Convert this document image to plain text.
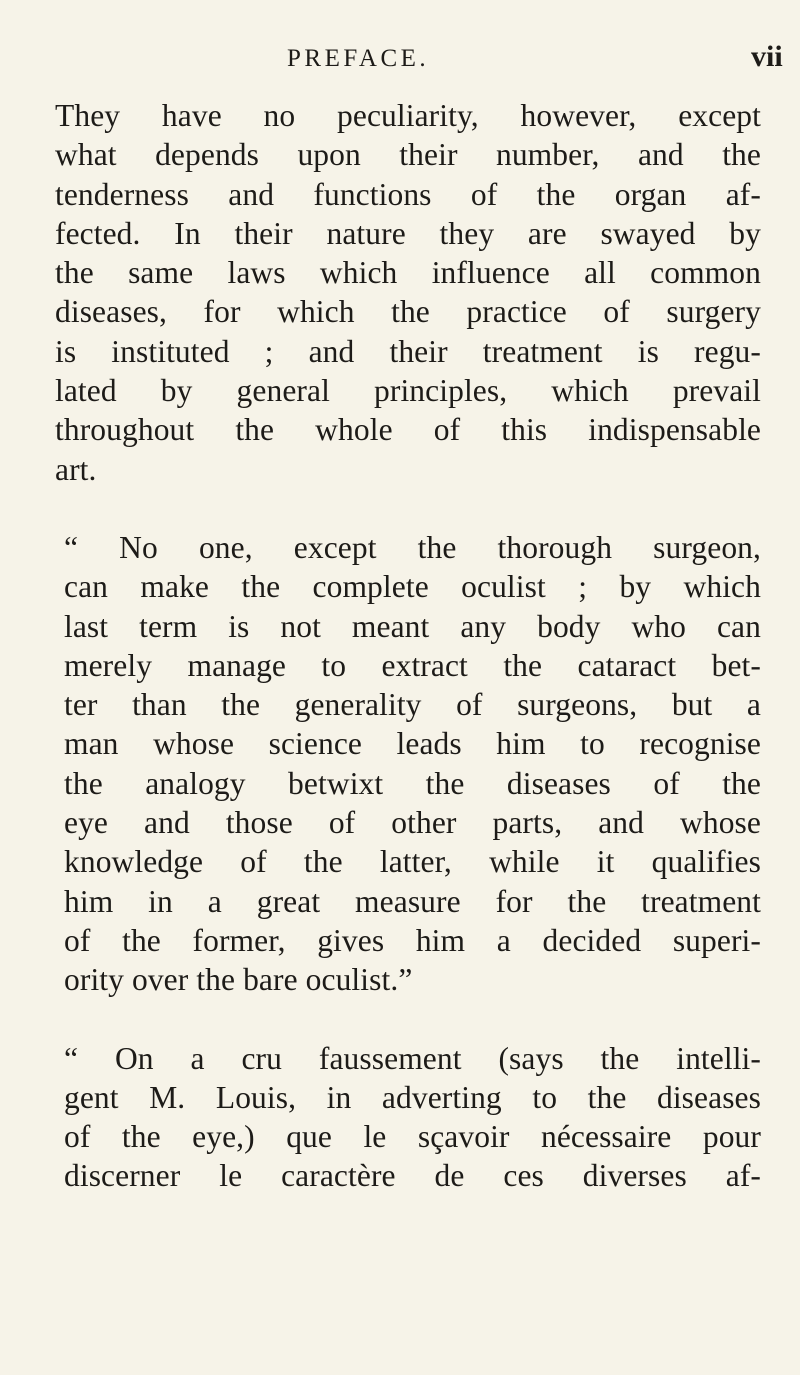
PREFACE.	vii

They have no peculiarity, however, except
what depends upon their number, and the
tenderness and functions of the organ af-
fected. In their nature they are swayed by
the same laws which influence all common
diseases, for which the practice of surgery
is instituted ; and their treatment is regu-
lated by general principles, which prevail
throughout the whole of this indispensable
art.

“ No one, except the thorough surgeon,
can make the complete oculist ; by which
last term is not meant any body who can
merely manage to extract the cataract bet-
ter than the generality of surgeons, but a
man whose science leads him to recognise
the analogy betwixt the diseases of the
eye and those of other parts, and whose
knowledge of the latter, while it qualifies
him in a great measure for the treatment
of the former, gives him a decided superi-
ority over the bare oculist.”

“ On a cru faussement (says the intelli-
gent M. Louis, in adverting to the diseases
of the eye,) que le sçavoir nécessaire pour
discerner le caractère de ces diverses af-
